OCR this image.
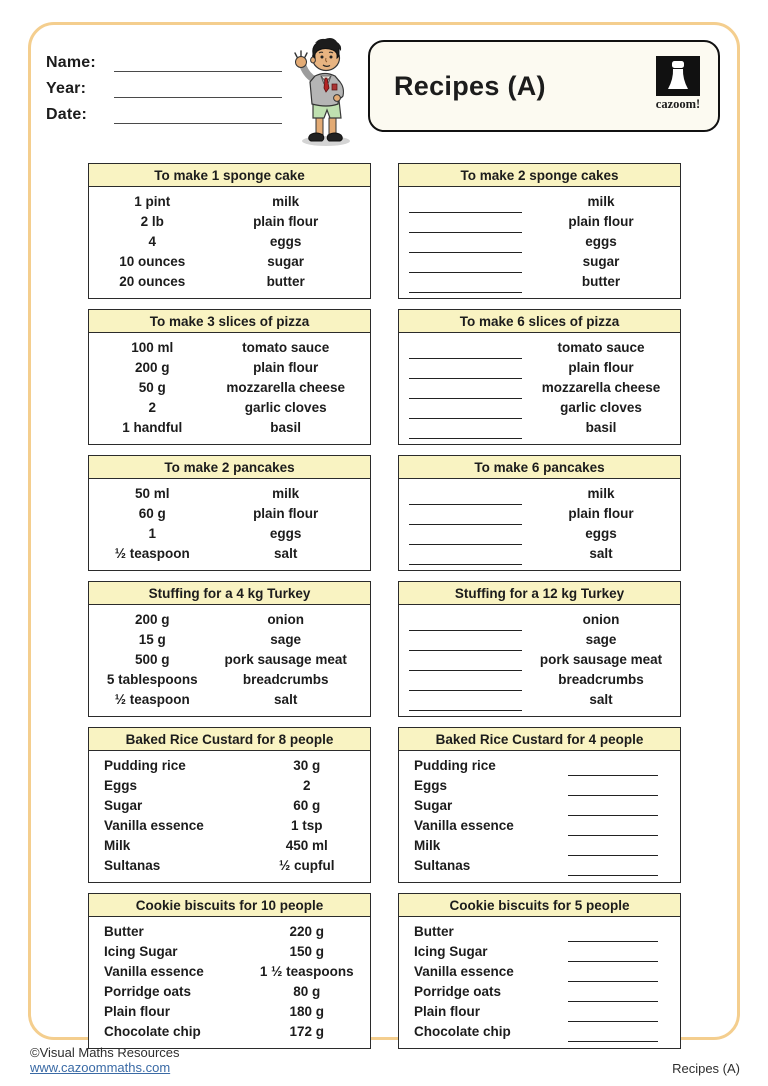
Name:
Year:
Date:
Recipes (A)
cazoom!
To make 1 sponge cake
1 pint	milk
2 lb	plain flour
4	eggs
10 ounces	sugar
20 ounces	butter
To make 2 sponge cakes
milk
plain flour
eggs
sugar
butter
To make 3 slices of pizza
100 ml	tomato sauce
200 g	plain flour
50 g	mozzarella cheese
2	garlic cloves
1 handful	basil
To make 6 slices of pizza
tomato sauce
plain flour
mozzarella cheese
garlic cloves
basil
To make 2 pancakes
50 ml	milk
60 g	plain flour
1	eggs
½ teaspoon	salt
To make 6 pancakes
milk
plain flour
eggs
salt
Stuffing for a 4 kg Turkey
200 g	onion
15 g	sage
500 g	pork sausage meat
5 tablespoons	breadcrumbs
½ teaspoon	salt
Stuffing for a 12 kg Turkey
onion
sage
pork sausage meat
breadcrumbs
salt
Baked Rice Custard for 8 people
Pudding rice	30 g
Eggs	2
Sugar	60 g
Vanilla essence	1 tsp
Milk	450 ml
Sultanas	½ cupful
Baked Rice Custard for 4 people
Pudding rice
Eggs
Sugar
Vanilla essence
Milk
Sultanas
Cookie biscuits for 10 people
Butter	220 g
Icing Sugar	150 g
Vanilla essence	1 ½ teaspoons
Porridge oats	80 g
Plain flour	180 g
Chocolate chip	172 g
Cookie biscuits for 5 people
Butter
Icing Sugar
Vanilla essence
Porridge oats
Plain flour
Chocolate chip
©Visual Maths Resources
www.cazoommaths.com	Recipes (A)
